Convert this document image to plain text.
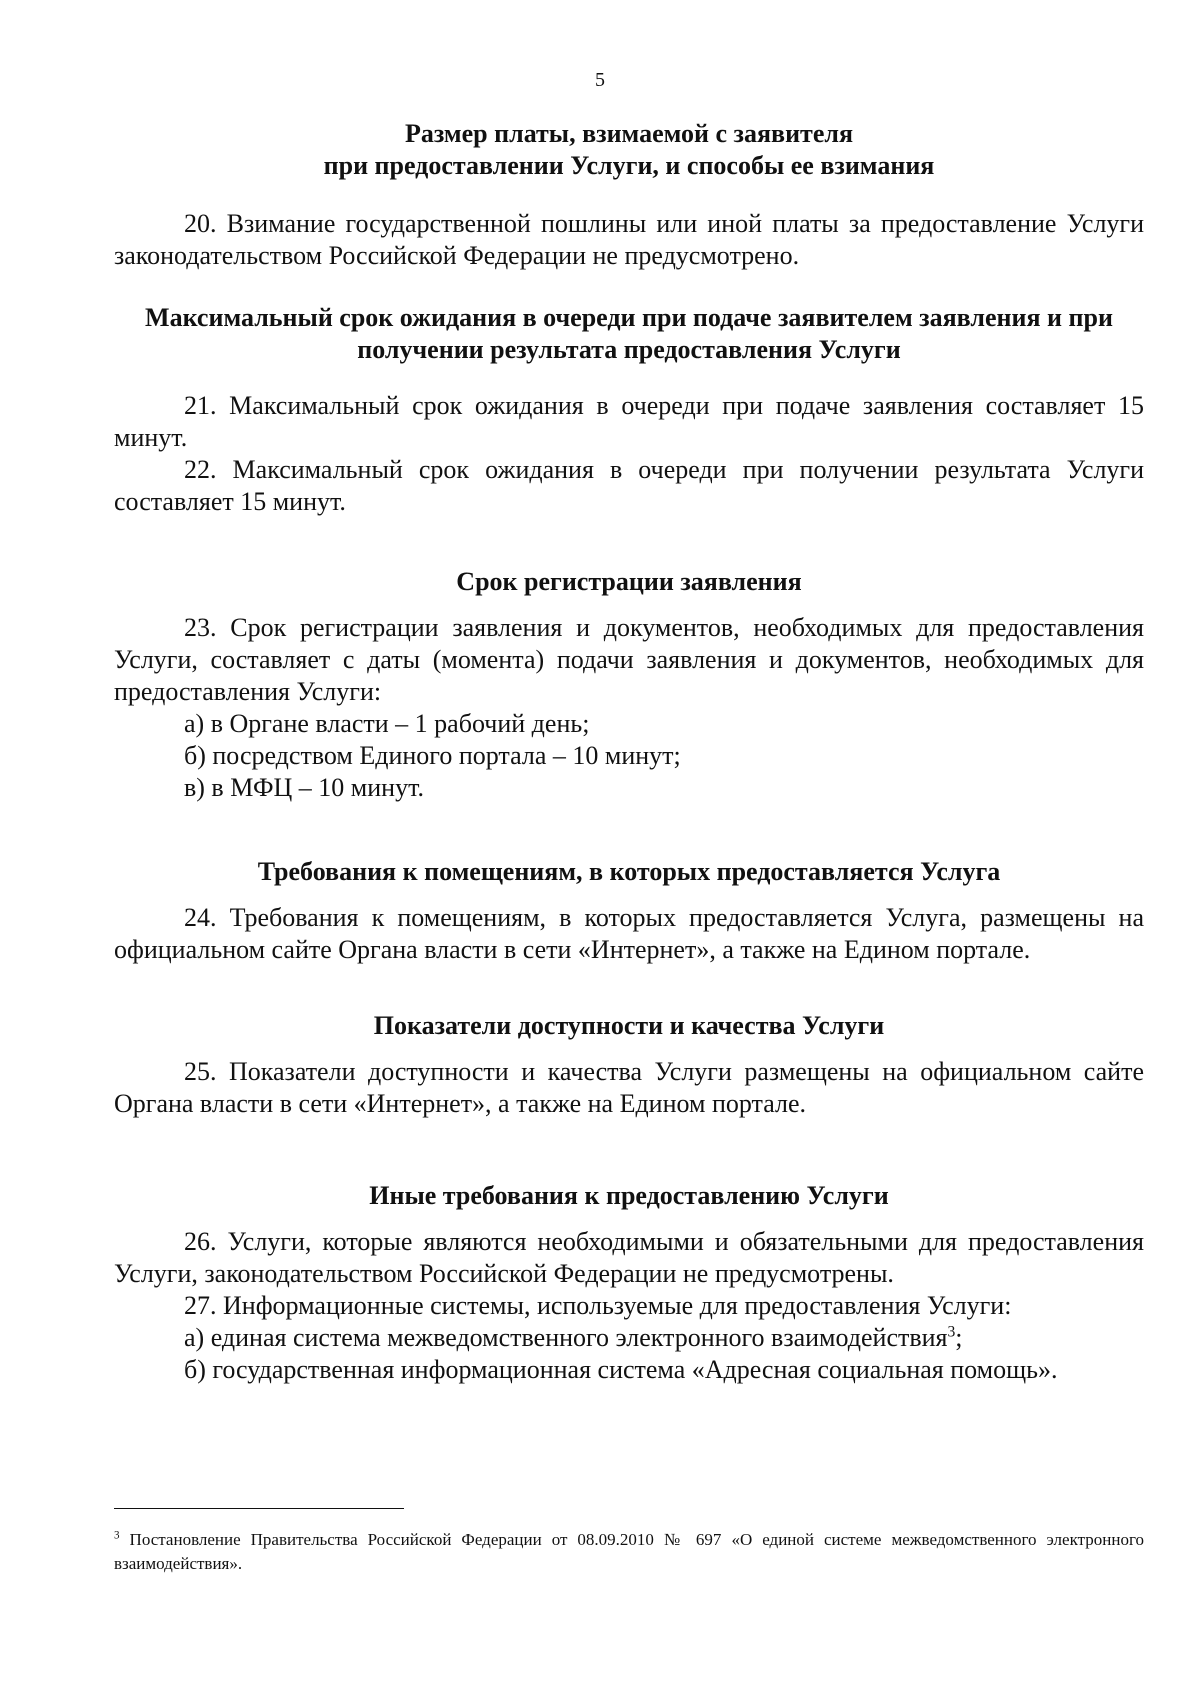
5

Размер платы, взимаемой с заявителя

при предоставлении Услуги, и способы ее взимания

20. Взимание государственной пошлины или иной платы за предоставление Услуги законодательством Российской Федерации не предусмотрено.

Максимальный срок ожидания в очереди при подаче заявителем заявления и при получении результата предоставления Услуги

21. Максимальный срок ожидания в очереди при подаче заявления составляет 15 минут.

22. Максимальный срок ожидания в очереди при получении результата Услуги составляет 15 минут.

Срок регистрации заявления

23. Срок регистрации заявления и документов, необходимых для предоставления Услуги, составляет с даты (момента) подачи заявления и документов, необходимых для предоставления Услуги:

а) в Органе власти – 1 рабочий день;

б) посредством Единого портала – 10 минут;

в) в МФЦ – 10 минут.

Требования к помещениям, в которых предоставляется Услуга

24. Требования к помещениям, в которых предоставляется Услуга, размещены на официальном сайте Органа власти в сети «Интернет», а также на Едином портале.

Показатели доступности и качества Услуги

25. Показатели доступности и качества Услуги размещены на официальном сайте Органа власти в сети «Интернет», а также на Едином портале.

Иные требования к предоставлению Услуги

26. Услуги, которые являются необходимыми и обязательными для предоставления Услуги, законодательством Российской Федерации не предусмотрены.

27. Информационные системы, используемые для предоставления Услуги:

а) единая система межведомственного электронного взаимодействия$^3$;

б) государственная информационная система «Адресная социальная помощь».

$^3$ Постановление Правительства Российской Федерации от 08.09.2010 № 697 «О единой системе межведомственного электронного взаимодействия».
